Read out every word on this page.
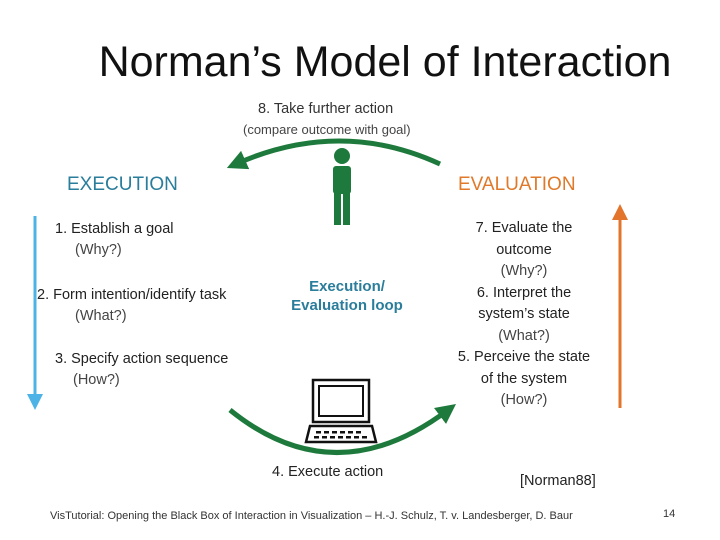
Norman’s Model of Interaction
8. Take further action
(compare outcome with goal)
EXECUTION	EVALUATION
1. Establish a goal
(Why?)
2. Form intention/identify task
(What?)
3. Specify action sequence
(How?)
Execution/
Evaluation loop
4. Execute action
7. Evaluate the
outcome
(Why?)
6. Interpret the
system’s state
(What?)
5. Perceive the state
of the system
(How?)
[Norman88]
VisTutorial: Opening the Black Box of Interaction in Visualization – H.-J. Schulz, T. v. Landesberger, D. Baur	14
